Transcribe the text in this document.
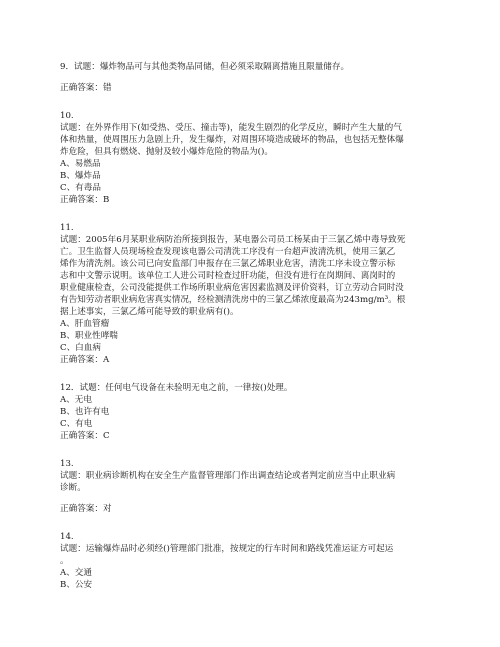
9．试题：爆炸物品可与其他类物品同储，但必须采取隔离措施且限量储存。
正确答案：错
10.
试题：在外界作用下(如受热、受压、撞击等)，能发生剧烈的化学反应，瞬时产生大量的气
体和热量，使周围压力急剧上升，发生爆炸，对周围环境造成破坏的物品，也包括无整体爆
炸危险，但具有燃烧、抛射及较小爆炸危险的物品为()。
A、易燃品
B、爆炸品
C、有毒品
正确答案：B
11.
试题：2005年6月某职业病防治所接到报告，某电器公司员工杨某由于三氯乙烯中毒导致死
亡。卫生监督人员现场检查发现该电器公司清洗工序没有一台超声波清洗机，使用三氯乙
烯作为清洗剂。该公司已向安监部门申报存在三氯乙烯职业危害，清洗工序未设立警示标
志和中文警示说明。该单位工人进公司时检查过肝功能，但没有进行在岗期间、离岗时的
职业健康检查，公司没能提供工作场所职业病危害因素监测及评价资料，订立劳动合同时没
有告知劳动者职业病危害真实情况，经检测清洗房中的三氯乙烯浓度最高为243mg/m³。根
据上述事实，三氯乙烯可能导致的职业病有()。
A、肝血管瘤
B、职业性哮喘
C、白血病
正确答案：A
12．试题：任何电气设备在未验明无电之前，一律按()处理。
A、无电
B、也许有电
C、有电
正确答案：C
13.
试题：职业病诊断机构在安全生产监督管理部门作出调查结论或者判定前应当中止职业病
诊断。
正确答案：对
14.
试题：运输爆炸品时必须经()管理部门批准，按规定的行车时间和路线凭准运证方可起运
。
A、交通
B、公安
